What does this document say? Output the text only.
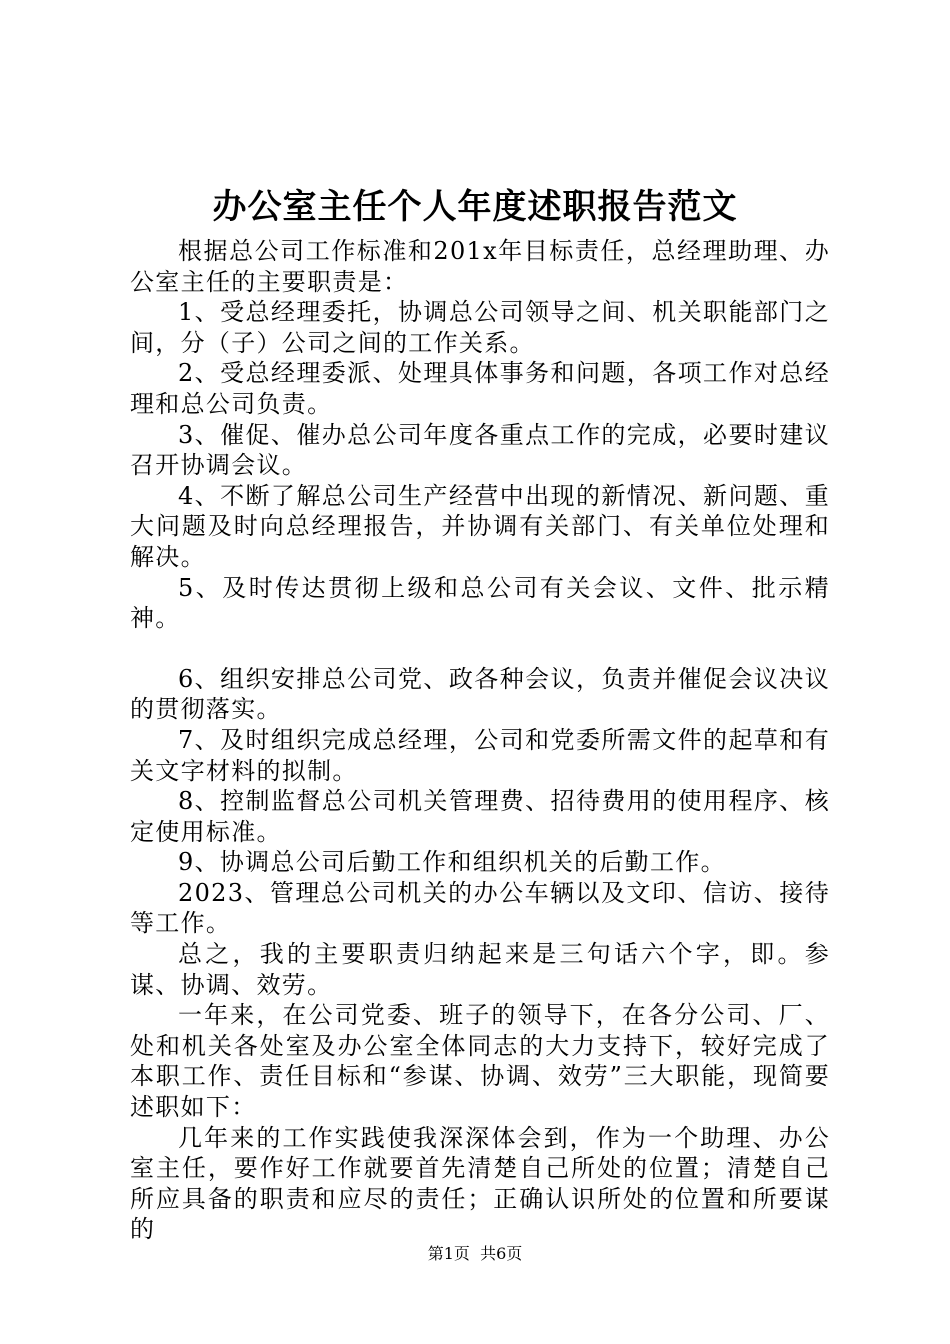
办公室主任个人年度述职报告范文

根据总公司工作标准和201x年目标责任，总经理助理、办公室主任的主要职责是：

1、受总经理委托，协调总公司领导之间、机关职能部门之间，分（子）公司之间的工作关系。

2、受总经理委派、处理具体事务和问题，各项工作对总经理和总公司负责。

3、催促、催办总公司年度各重点工作的完成，必要时建议召开协调会议。

4、不断了解总公司生产经营中出现的新情况、新问题、重大问题及时向总经理报告，并协调有关部门、有关单位处理和解决。

5、及时传达贯彻上级和总公司有关会议、文件、批示精神。

6、组织安排总公司党、政各种会议，负责并催促会议决议的贯彻落实。

7、及时组织完成总经理，公司和党委所需文件的起草和有关文字材料的拟制。

8、控制监督总公司机关管理费、招待费用的使用程序、核定使用标准。

9、协调总公司后勤工作和组织机关的后勤工作。

2023、管理总公司机关的办公车辆以及文印、信访、接待等工作。

总之，我的主要职责归纳起来是三句话六个字，即。参谋、协调、效劳。

一年来，在公司党委、班子的领导下，在各分公司、厂、处和机关各处室及办公室全体同志的大力支持下，较好完成了本职工作、责任目标和“参谋、协调、效劳”三大职能，现简要述职如下：

几年来的工作实践使我深深体会到，作为一个助理、办公室主任，要作好工作就要首先清楚自己所处的位置；清楚自己所应具备的职责和应尽的责任；正确认识所处的位置和所要谋的

第1页 共6页
